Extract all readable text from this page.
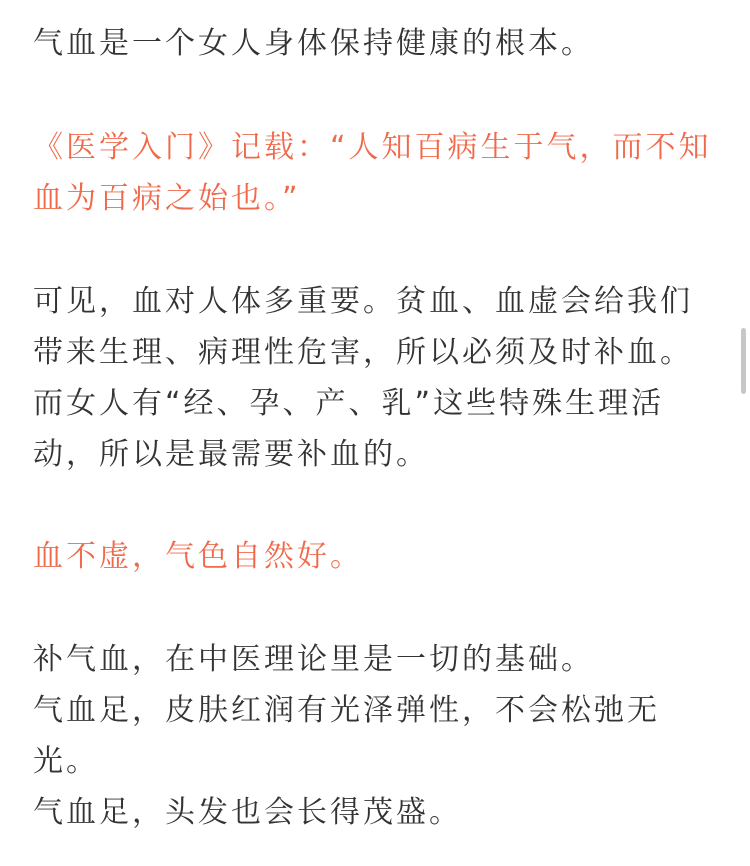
气血是一个女人身体保持健康的根本。

《医学入门》记载：“人知百病生于气，而不知血为百病之始也。”

可见，血对人体多重要。贫血、血虚会给我们带来生理、病理性危害，所以必须及时补血。而女人有“经、孕、产、乳”这些特殊生理活动，所以是最需要补血的。

血不虚，气色自然好。

补气血，在中医理论里是一切的基础。
气血足，皮肤红润有光泽弹性，不会松弛无光。
气血足，头发也会长得茂盛。
